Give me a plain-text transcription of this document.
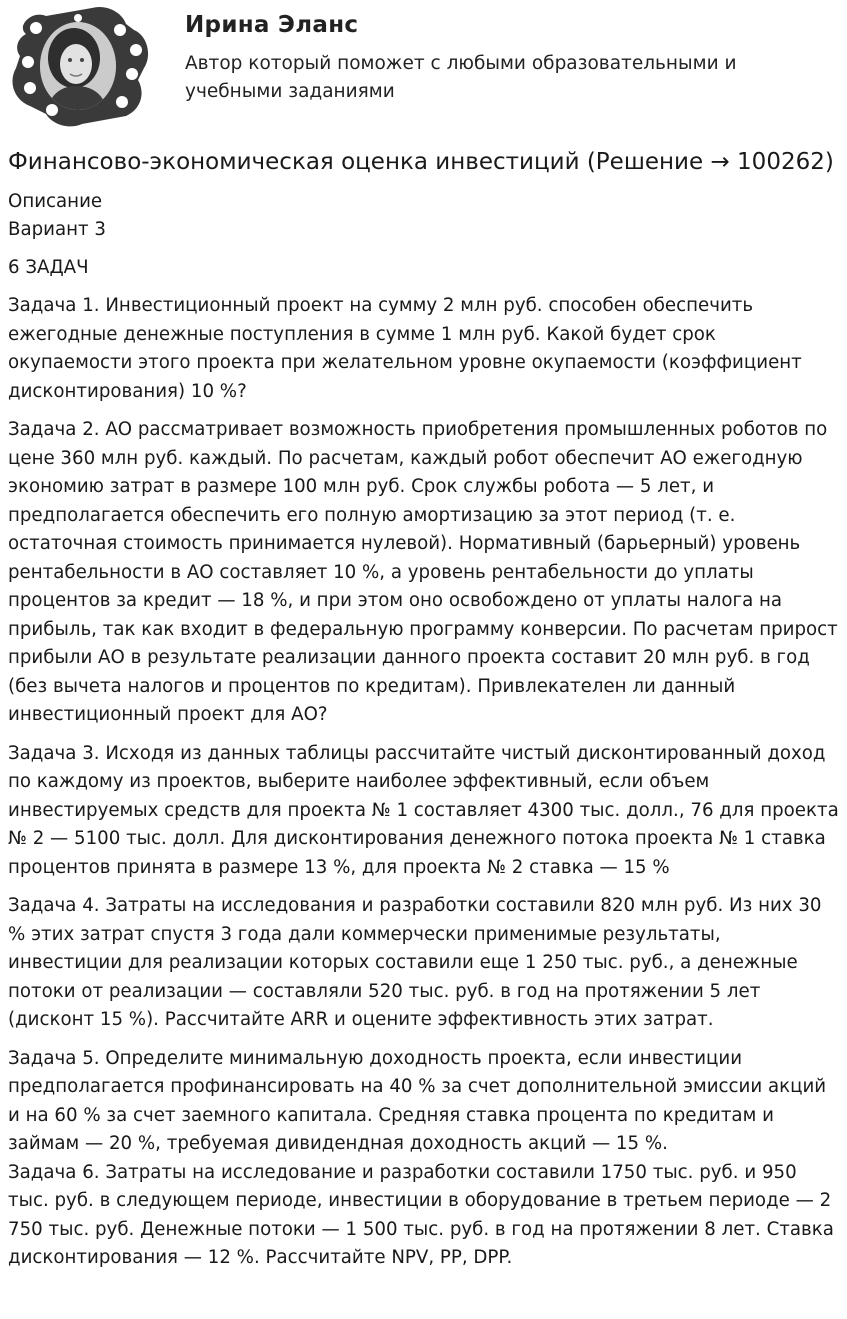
Ирина Эланс
Автор который поможет с любыми образовательными и учебными заданиями
Финансово-экономическая оценка инвестиций (Решение → 100262)

Описание

Вариант 3

6 ЗАДАЧ

Задача 1. Инвестиционный проект на сумму 2 млн руб. способен обеспечить ежегодные денежные поступления в сумме 1 млн руб. Какой будет срок окупаемости этого проекта при желательном уровне окупаемости (коэффициент дисконтирования) 10 %?

Задача 2. АО рассматривает возможность приобретения промышленных роботов по цене 360 млн руб. каждый. По расчетам, каждый робот обеспечит АО ежегодную экономию затрат в размере 100 млн руб. Срок службы робота — 5 лет, и предполагается обеспечить его полную амортизацию за этот период (т. е. остаточная стоимость принимается нулевой). Нормативный (барьерный) уровень рентабельности в АО составляет 10 %, а уровень рентабельности до уплаты процентов за кредит — 18 %, и при этом оно освобождено от уплаты налога на прибыль, так как входит в федеральную программу конверсии. По расчетам прирост прибыли АО в результате реализации данного проекта составит 20 млн руб. в год (без вычета налогов и процентов по кредитам). Привлекателен ли данный инвестиционный проект для АО?

Задача 3. Исходя из данных таблицы рассчитайте чистый дисконтированный доход по каждому из проектов, выберите наиболее эффективный, если объем инвестируемых средств для проекта № 1 составляет 4300 тыс. долл., 76 для проекта № 2 — 5100 тыс. долл. Для дисконтирования денежного потока проекта № 1 ставка процентов принята в размере 13 %, для проекта № 2 ставка — 15 %

Задача 4. Затраты на исследования и разработки составили 820 млн руб. Из них 30 % этих затрат спустя 3 года дали коммерчески применимые результаты, инвестиции для реализации которых составили еще 1 250 тыс. руб., а денежные потоки от реализации — составляли 520 тыс. руб. в год на протяжении 5 лет (дисконт 15 %). Рассчитайте ARR и оцените эффективность этих затрат.

Задача 5. Определите минимальную доходность проекта, если инвестиции предполагается профинансировать на 40 % за счет дополнительной эмиссии акций и на 60 % за счет заемного капитала. Средняя ставка процента по кредитам и займам — 20 %, требуемая дивидендная доходность акций — 15 %.

Задача 6. Затраты на исследование и разработки составили 1750 тыс. руб. и 950 тыс. руб. в следующем периоде, инвестиции в оборудование в третьем периоде — 2 750 тыс. руб. Денежные потоки — 1 500 тыс. руб. в год на протяжении 8 лет. Ставка дисконтирования — 12 %. Рассчитайте NPV, PP, DPP.
